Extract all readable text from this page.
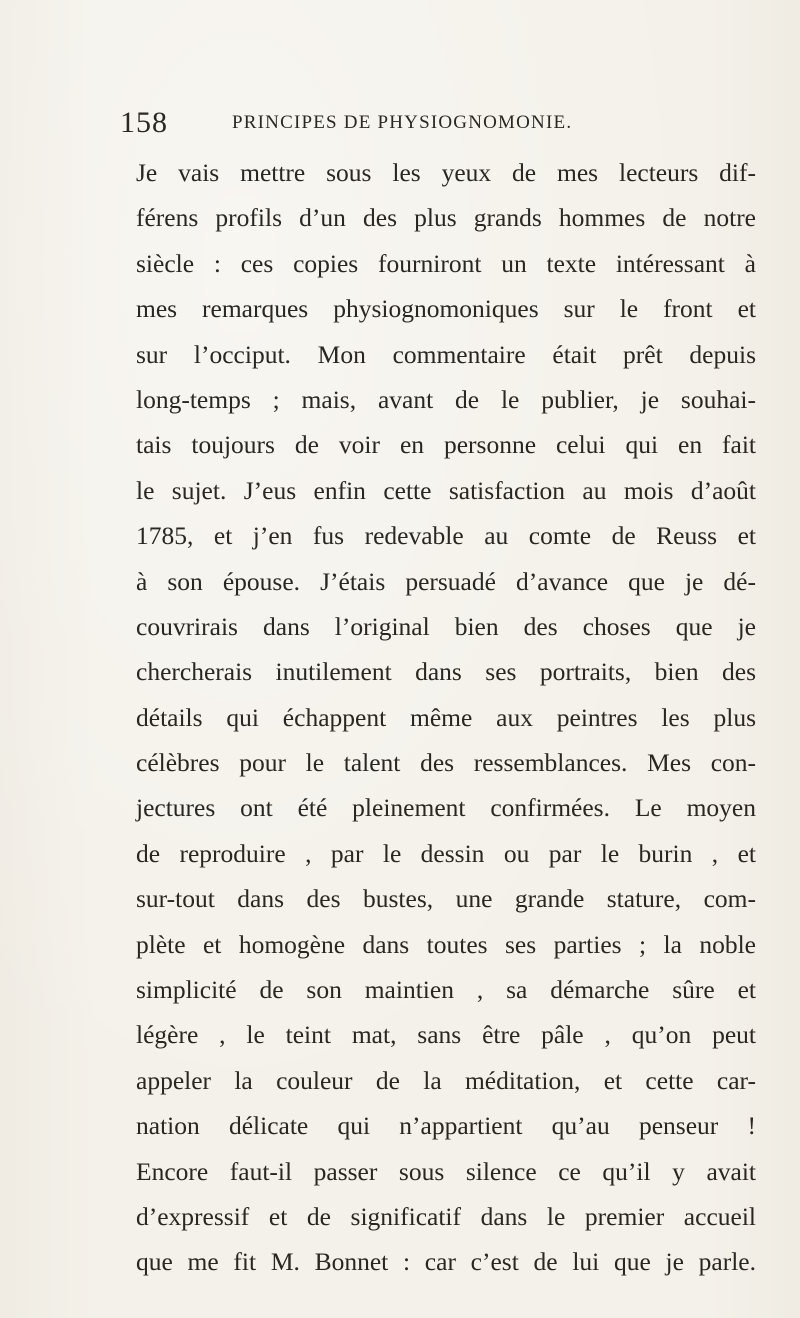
158	PRINCIPES DE PHYSIOGNOMONIE.
Je vais mettre sous les yeux de mes lecteurs dif-
férens profils d’un des plus grands hommes de notre
siècle : ces copies fourniront un texte intéressant à
mes remarques physiognomoniques sur le front et
sur l’occiput. Mon commentaire était prêt depuis
long-temps ; mais, avant de le publier, je souhai-
tais toujours de voir en personne celui qui en fait
le sujet. J’eus enfin cette satisfaction au mois d’août
1785, et j’en fus redevable au comte de Reuss et
à son épouse. J’étais persuadé d’avance que je dé-
couvrirais dans l’original bien des choses que je
chercherais inutilement dans ses portraits, bien des
détails qui échappent même aux peintres les plus
célèbres pour le talent des ressemblances. Mes con-
jectures ont été pleinement confirmées. Le moyen
de reproduire , par le dessin ou par le burin , et
sur-tout dans des bustes, une grande stature, com-
plète et homogène dans toutes ses parties ; la noble
simplicité de son maintien , sa démarche sûre et
légère , le teint mat, sans être pâle , qu’on peut
appeler la couleur de la méditation, et cette car-
nation délicate qui n’appartient qu’au penseur !
Encore faut-il passer sous silence ce qu’il y avait
d’expressif et de significatif dans le premier accueil
que me fit M. Bonnet : car c’est de lui que je parle.
